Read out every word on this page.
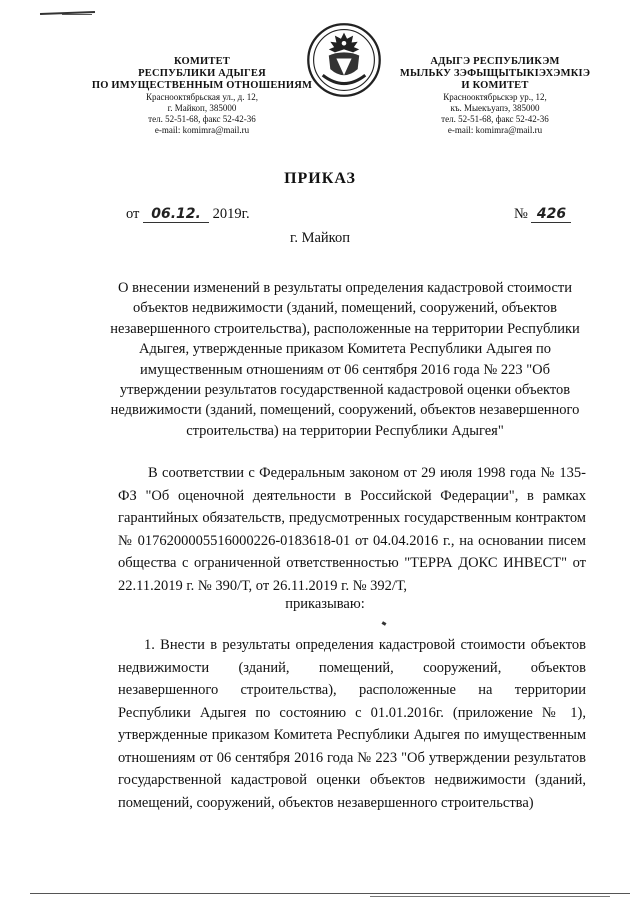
КОМИТЕТ
РЕСПУБЛИКИ АДЫГЕЯ
ПО ИМУЩЕСТВЕННЫМ ОТНОШЕНИЯМ
Краснооктябрьская ул., д. 12,
г. Майкоп, 385000
тел. 52-51-68, факс 52-42-36
e-mail: komimra@mail.ru
АДЫГЭ РЕСПУБЛИКЭМ
МЫЛЬКУ ЗЭФЫЩЫТЫКІЭХЭМКІЭ
И КОМИТЕТ
Краснооктябрьскэр ур., 12,
къ. Мыекъуапэ, 385000
тел. 52-51-68, факс 52-42-36
e-mail: komimra@mail.ru
ПРИКАЗ
от 06.12. 2019г.	№ 426
г. Майкоп
О внесении изменений в результаты определения кадастровой стоимости объектов недвижимости (зданий, помещений, сооружений, объектов незавершенного строительства), расположенные на территории Республики Адыгея, утвержденные приказом Комитета Республики Адыгея по имущественным отношениям от 06 сентября 2016 года № 223 "Об утверждении результатов государственной кадастровой оценки объектов недвижимости (зданий, помещений, сооружений, объектов незавершенного строительства) на территории Республики Адыгея"
В соответствии с Федеральным законом от 29 июля 1998 года № 135-ФЗ "Об оценочной деятельности в Российской Федерации", в рамках гарантийных обязательств, предусмотренных государственным контрактом № 0176200005516000226-0183618-01 от 04.04.2016 г., на основании писем общества с ограниченной ответственностью "ТЕРРА ДОКС ИНВЕСТ" от 22.11.2019 г. № 390/Т, от 26.11.2019 г. № 392/Т,
приказываю:
1. Внести в результаты определения кадастровой стоимости объектов недвижимости (зданий, помещений, сооружений, объектов незавершенного строительства), расположенные на территории Республики Адыгея по состоянию с 01.01.2016г. (приложение № 1), утвержденные приказом Комитета Республики Адыгея по имущественным отношениям от 06 сентября 2016 года № 223 "Об утверждении результатов государственной кадастровой оценки объектов недвижимости (зданий, помещений, сооружений, объектов незавершенного строительства)
